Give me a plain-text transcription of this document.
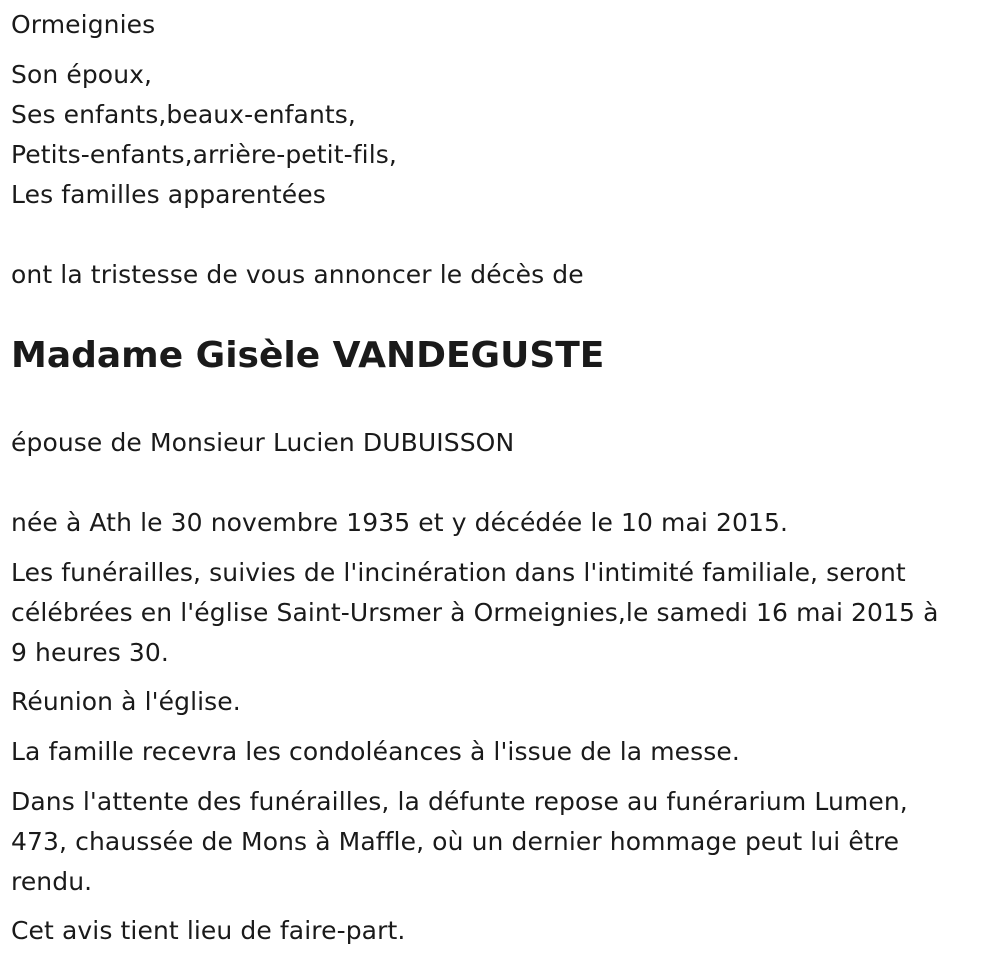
Ormeignies
Son époux,
Ses enfants,beaux-enfants,
Petits-enfants,arrière-petit-fils,
Les familles apparentées
ont la tristesse de vous annoncer le décès de
Madame Gisèle VANDEGUSTE
épouse de Monsieur Lucien DUBUISSON
née à Ath le 30 novembre 1935 et y décédée le 10 mai 2015.
Les funérailles, suivies de l'incinération dans l'intimité familiale, seront
célébrées en l'église Saint-Ursmer à Ormeignies,le samedi 16 mai 2015 à
9 heures 30.
Réunion à l'église.
La famille recevra les condoléances à l'issue de la messe.
Dans l'attente des funérailles, la défunte repose au funérarium Lumen,
473, chaussée de Mons à Maffle, où un dernier hommage peut lui être
rendu.
Cet avis tient lieu de faire-part.
